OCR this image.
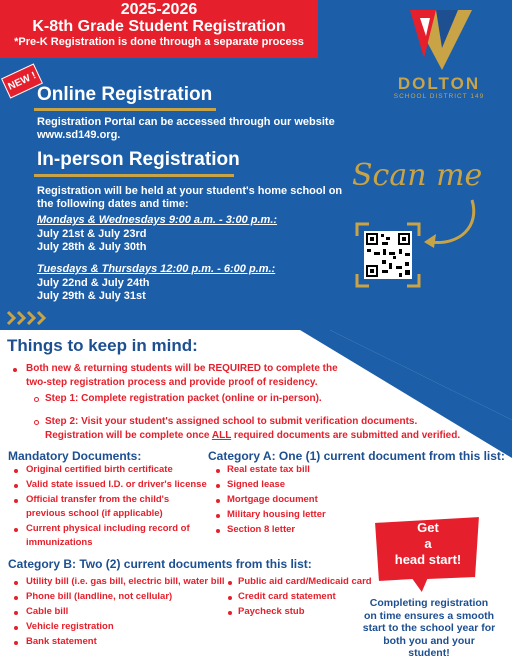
2025-2026
K-8th Grade Student Registration
*Pre-K Registration is done through a separate process
DOLTON
SCHOOL DISTRICT 149
NEW !
Online Registration
Registration Portal can be accessed through our website
www.sd149.org.
In-person Registration
Registration will be held at your student's home school on
the following dates and time:
Mondays & Wednesdays 9:00 a.m. - 3:00 p.m.:
July 21st & July 23rd
July 28th & July 30th
Tuesdays & Thursdays 12:00 p.m. - 6:00 p.m.:
July 22nd & July 24th
July 29th & July 31st
Scan me
Things to keep in mind:
Both new & returning students will be REQUIRED to complete the
two-step registration process and provide proof of residency.
Step 1: Complete registration packet (online or in-person).
Step 2: Visit your student's assigned school to submit verification documents.
Registration will be complete once ALL required documents are submitted and verified.
Mandatory Documents:
Original certified birth certificate
Valid state issued I.D. or driver's license
Official transfer from the child's
previous school (if applicable)
Current physical including record of
immunizations
Category A: One (1) current document from this list:
Real estate tax bill
Signed lease
Mortgage document
Military housing letter
Section 8 letter
Category B: Two (2) current documents from this list:
Utility bill (i.e. gas bill, electric bill, water bill
Phone bill (landline, not cellular)
Cable bill
Vehicle registration
Bank statement
Public aid card/Medicaid card
Credit card statement
Paycheck stub
Get
a
head start!
Completing registration
on time ensures a smooth
start to the school year for
both you and your
student!
